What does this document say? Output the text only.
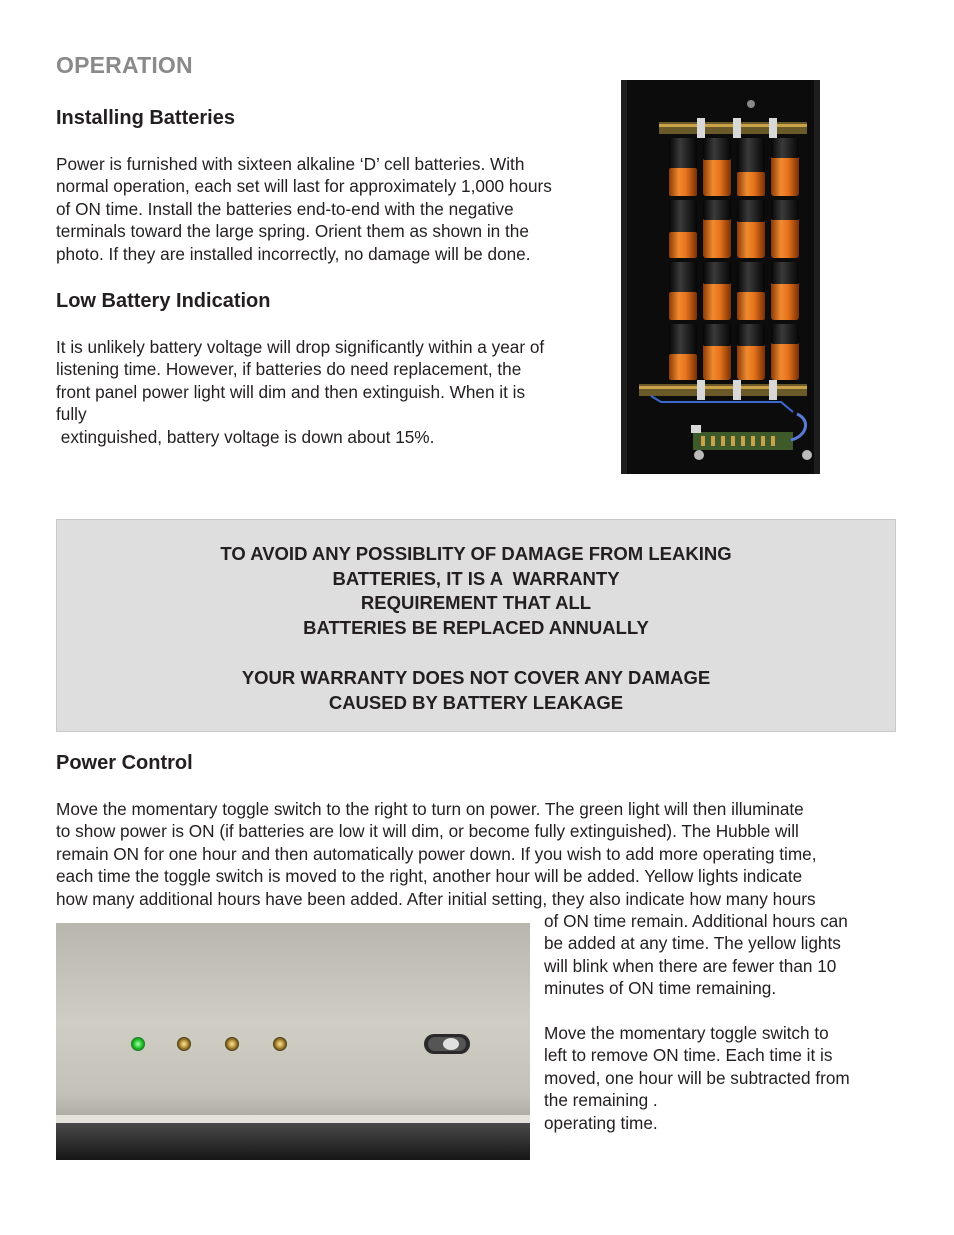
OPERATION
Installing Batteries

Power is furnished with sixteen alkaline ‘D’ cell batteries. With

normal operation, each set will last for approximately 1,000 hours

of ON time. Install the batteries end-to-end with the negative

terminals toward the large spring. Orient them as shown in the

photo. If they are installed incorrectly, no damage will be done.

Low Battery Indication

It is unlikely battery voltage will drop significantly within a year of

listening time. However, if batteries do need replacement, the

front panel power light will dim and then extinguish. When it is

fully

extinguished, battery voltage is down about 15%.

TO AVOID ANY POSSIBLITY OF DAMAGE FROM LEAKING

BATTERIES, IT IS A  WARRANTY

REQUIREMENT THAT ALL

BATTERIES BE REPLACED ANNUALLY

YOUR WARRANTY DOES NOT COVER ANY DAMAGE

CAUSED BY BATTERY LEAKAGE

Power Control

Move the momentary toggle switch to the right to turn on power. The green light will then illuminate

to show power is ON (if batteries are low it will dim, or become fully extinguished). The Hubble will

remain ON for one hour and then automatically power down. If you wish to add more operating time,

each time the toggle switch is moved to the right, another hour will be added. Yellow lights indicate

how many additional hours have been added. After initial setting, they also indicate how many hours

of ON time remain. Additional hours can

be added at any time. The yellow lights

will blink when there are fewer than 10

minutes of ON time remaining.

Move the momentary toggle switch to

left to remove ON time. Each time it is

moved, one hour will be subtracted from

the remaining .

operating time.
